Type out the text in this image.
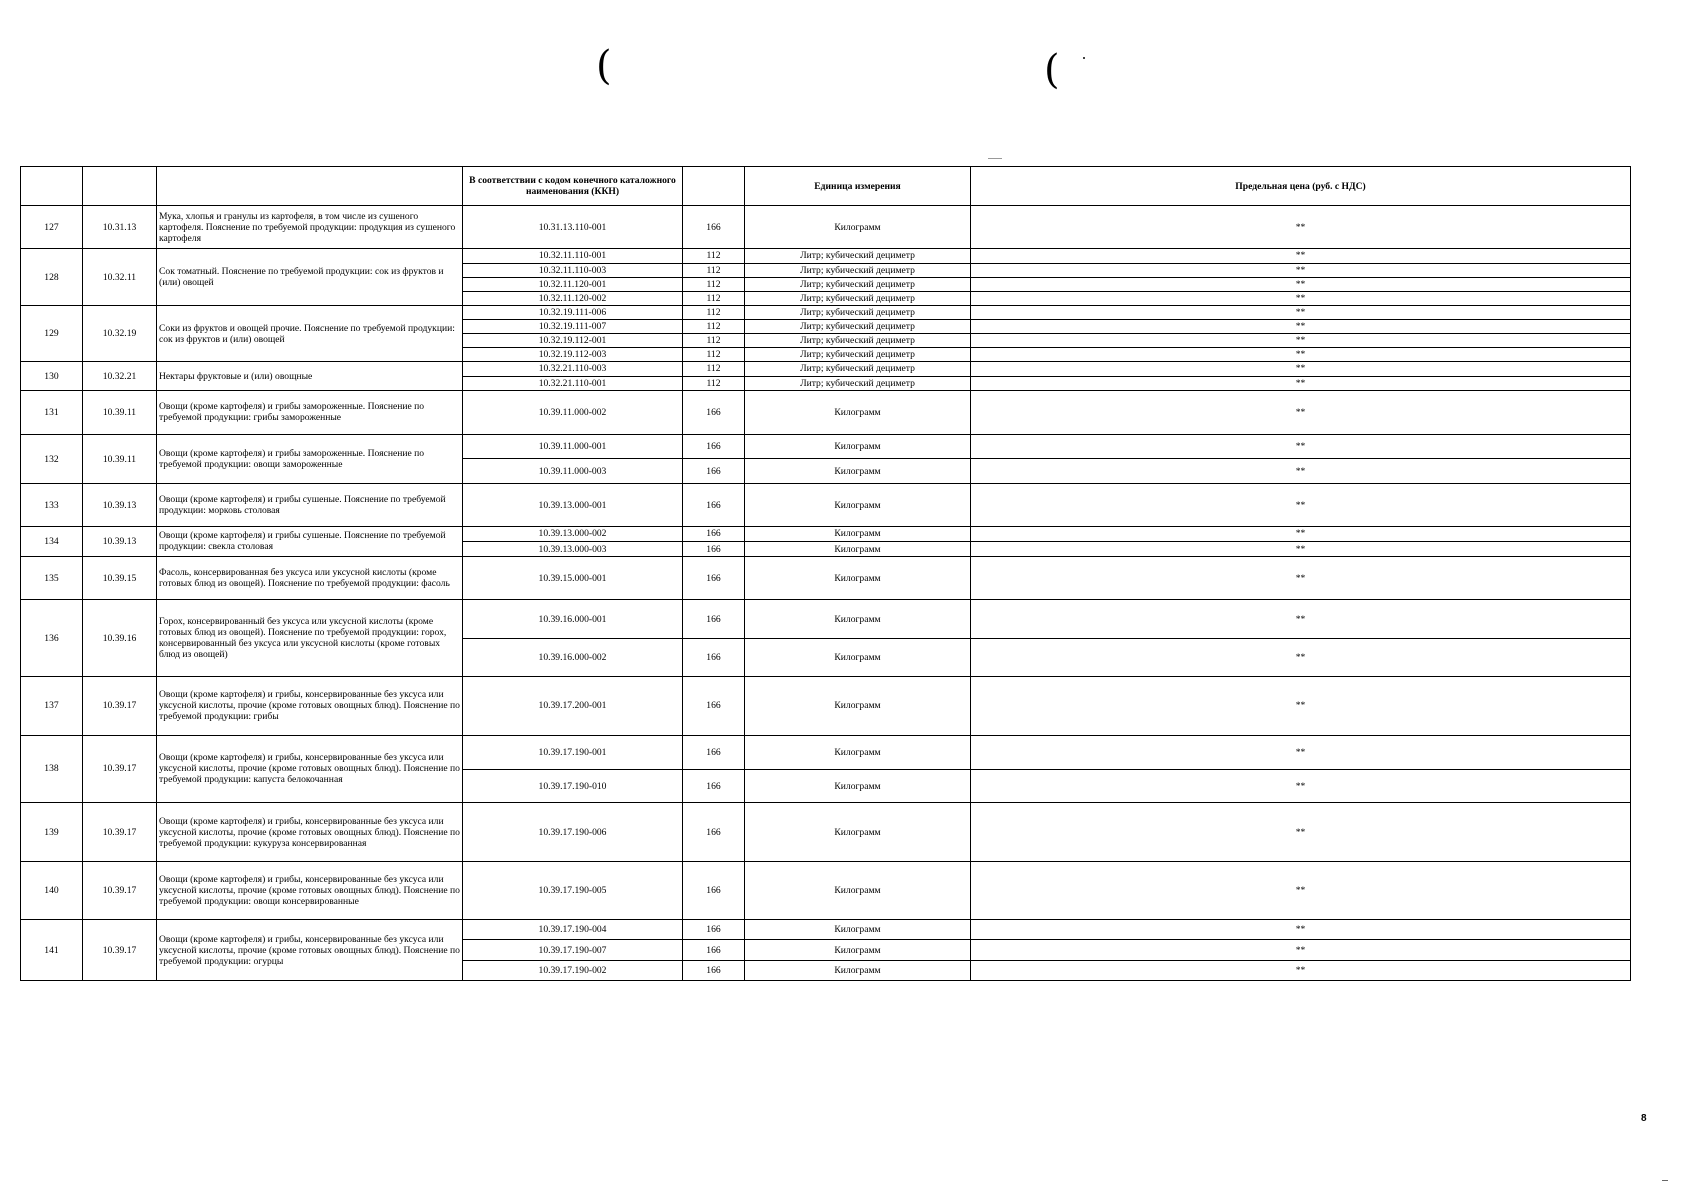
(	(
			В соответствии с кодом конечного каталожного наименования (ККН)		Единица измерения	Предельная цена (руб. с НДС)
127	10.31.13	Мука, хлопья и гранулы из картофеля, в том числе из сушеного картофеля. Пояснение по требуемой продукции: продукция из сушеного картофеля	10.31.13.110-001	166	Килограмм	**
128	10.32.11	Сок томатный. Пояснение по требуемой продукции: сок из фруктов и (или) овощей	10.32.11.110-001	112	Литр; кубический дециметр	**
			10.32.11.110-003	112	Литр; кубический дециметр	**
			10.32.11.120-001	112	Литр; кубический дециметр	**
			10.32.11.120-002	112	Литр; кубический дециметр	**
129	10.32.19	Соки из фруктов и овощей прочие. Пояснение по требуемой продукции: сок из фруктов и (или) овощей	10.32.19.111-006	112	Литр; кубический дециметр	**
			10.32.19.111-007	112	Литр; кубический дециметр	**
			10.32.19.112-001	112	Литр; кубический дециметр	**
			10.32.19.112-003	112	Литр; кубический дециметр	**
130	10.32.21	Нектары фруктовые и (или) овощные	10.32.21.110-003	112	Литр; кубический дециметр	**
			10.32.21.110-001	112	Литр; кубический дециметр	**
131	10.39.11	Овощи (кроме картофеля) и грибы замороженные. Пояснение по требуемой продукции: грибы замороженные	10.39.11.000-002	166	Килограмм	**
132	10.39.11	Овощи (кроме картофеля) и грибы замороженные. Пояснение по требуемой продукции: овощи замороженные	10.39.11.000-001	166	Килограмм	**
			10.39.11.000-003	166	Килограмм	**
133	10.39.13	Овощи (кроме картофеля) и грибы сушеные. Пояснение по требуемой продукции: морковь столовая	10.39.13.000-001	166	Килограмм	**
134	10.39.13	Овощи (кроме картофеля) и грибы сушеные. Пояснение по требуемой продукции: свекла столовая	10.39.13.000-002	166	Килограмм	**
			10.39.13.000-003	166	Килограмм	**
135	10.39.15	Фасоль, консервированная без уксуса или уксусной кислоты (кроме готовых блюд из овощей). Пояснение по требуемой продукции: фасоль	10.39.15.000-001	166	Килограмм	**
136	10.39.16	Горох, консервированный без уксуса или уксусной кислоты (кроме готовых блюд из овощей). Пояснение по требуемой продукции: горох, консервированный без уксуса или уксусной кислоты (кроме готовых блюд из овощей)	10.39.16.000-001	166	Килограмм	**
			10.39.16.000-002	166	Килограмм	**
137	10.39.17	Овощи (кроме картофеля) и грибы, консервированные без уксуса или уксусной кислоты, прочие (кроме готовых овощных блюд). Пояснение по требуемой продукции: грибы	10.39.17.200-001	166	Килограмм	**
138	10.39.17	Овощи (кроме картофеля) и грибы, консервированные без уксуса или уксусной кислоты, прочие (кроме готовых овощных блюд). Пояснение по требуемой продукции: капуста белокочанная	10.39.17.190-001	166	Килограмм	**
			10.39.17.190-010	166	Килограмм	**
139	10.39.17	Овощи (кроме картофеля) и грибы, консервированные без уксуса или уксусной кислоты, прочие (кроме готовых овощных блюд). Пояснение по требуемой продукции: кукуруза консервированная	10.39.17.190-006	166	Килограмм	**
140	10.39.17	Овощи (кроме картофеля) и грибы, консервированные без уксуса или уксусной кислоты, прочие (кроме готовых овощных блюд). Пояснение по требуемой продукции: овощи консервированные	10.39.17.190-005	166	Килограмм	**
141	10.39.17	Овощи (кроме картофеля) и грибы, консервированные без уксуса или уксусной кислоты, прочие (кроме готовых овощных блюд). Пояснение по требуемой продукции: огурцы	10.39.17.190-004	166	Килограмм	**
			10.39.17.190-007	166	Килограмм	**
			10.39.17.190-002	166	Килограмм	**
8
